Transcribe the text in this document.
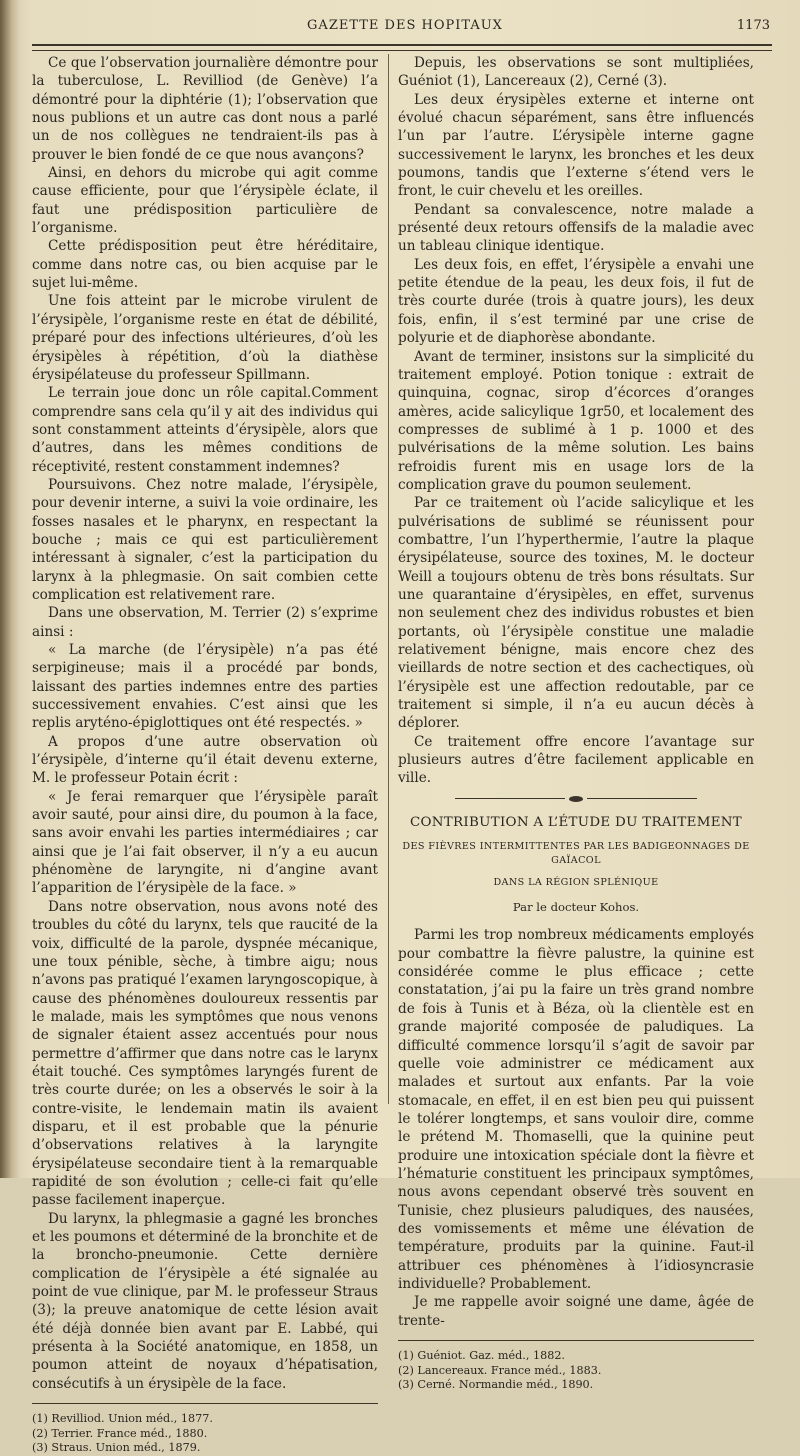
GAZETTE DES HOPITAUX	1173

Ce que l’observation journalière démontre pour la tuberculose, L. Revilliod (de Genève) l’a démontré pour la diphtérie (1); l’observation que nous publions et un autre cas dont nous a parlé un de nos collègues ne tendraient-ils pas à prouver le bien fondé de ce que nous avançons?

Ainsi, en dehors du microbe qui agit comme cause efficiente, pour que l’érysipèle éclate, il faut une prédisposition particulière de l’organisme.

Cette prédisposition peut être héréditaire, comme dans notre cas, ou bien acquise par le sujet lui-même.

Une fois atteint par le microbe virulent de l’érysipèle, l’organisme reste en état de débilité, préparé pour des infections ultérieures, d’où les érysipèles à répétition, d’où la diathèse érysipélateuse du professeur Spillmann.

Le terrain joue donc un rôle capital.Comment comprendre sans cela qu’il y ait des individus qui sont constamment atteints d’érysipèle, alors que d’autres, dans les mêmes conditions de réceptivité, restent constamment indemnes?

Poursuivons. Chez notre malade, l’érysipèle, pour devenir interne, a suivi la voie ordinaire, les fosses nasales et le pharynx, en respectant la bouche ; mais ce qui est particulièrement intéressant à signaler, c’est la participation du larynx à la phlegmasie. On sait combien cette complication est relativement rare.

Dans une observation, M. Terrier (2) s’exprime ainsi :

« La marche (de l’érysipèle) n’a pas été serpigineuse; mais il a procédé par bonds, laissant des parties indemnes entre des parties successivement envahies. C’est ainsi que les replis aryténo-épiglottiques ont été respectés. »

A propos d’une autre observation où l’érysipèle, d’interne qu’il était devenu externe, M. le professeur Potain écrit :

« Je ferai remarquer que l’érysipèle paraît avoir sauté, pour ainsi dire, du poumon à la face, sans avoir envahi les parties intermédiaires ; car ainsi que je l’ai fait observer, il n’y a eu aucun phénomène de laryngite, ni d’angine avant l’apparition de l’érysipèle de la face. »

Dans notre observation, nous avons noté des troubles du côté du larynx, tels que raucité de la voix, difficulté de la parole, dyspnée mécanique, une toux pénible, sèche, à timbre aigu; nous n’avons pas pratiqué l’examen laryngoscopique, à cause des phénomènes douloureux ressentis par le malade, mais les symptômes que nous venons de signaler étaient assez accentués pour nous permettre d’affirmer que dans notre cas le larynx était touché. Ces symptômes laryngés furent de très courte durée; on les a observés le soir à la contre-visite, le lendemain matin ils avaient disparu, et il est probable que la pénurie d’observations relatives à la laryngite érysipélateuse secondaire tient à la remarquable rapidité de son évolution ; celle-ci fait qu’elle passe facilement inaperçue.

Du larynx, la phlegmasie a gagné les bronches et les poumons et déterminé de la bronchite et de la broncho-pneumonie. Cette dernière complication de l’érysipèle a été signalée au point de vue clinique, par M. le professeur Straus (3); la preuve anatomique de cette lésion avait été déjà donnée bien avant par E. Labbé, qui présenta à la Société anatomique, en 1858, un poumon atteint de noyaux d’hépatisation, consécutifs à un érysipèle de la face.

(1) Revilliod. Union méd., 1877.

(2) Terrier. France méd., 1880.

(3) Straus. Union méd., 1879.

Depuis, les observations se sont multipliées, Guéniot (1), Lancereaux (2), Cerné (3).

Les deux érysipèles externe et interne ont évolué chacun séparément, sans être influencés l’un par l’autre. L’érysipèle interne gagne successivement le larynx, les bronches et les deux poumons, tandis que l’externe s’étend vers le front, le cuir chevelu et les oreilles.

Pendant sa convalescence, notre malade a présenté deux retours offensifs de la maladie avec un tableau clinique identique.

Les deux fois, en effet, l’érysipèle a envahi une petite étendue de la peau, les deux fois, il fut de très courte durée (trois à quatre jours), les deux fois, enfin, il s’est terminé par une crise de polyurie et de diaphorèse abondante.

Avant de terminer, insistons sur la simplicité du traitement employé. Potion tonique : extrait de quinquina, cognac, sirop d’écorces d’oranges amères, acide salicylique 1gr50, et localement des compresses de sublimé à 1 p. 1000 et des pulvérisations de la même solution. Les bains refroidis furent mis en usage lors de la complication grave du poumon seulement.

Par ce traitement où l’acide salicylique et les pulvérisations de sublimé se réunissent pour combattre, l’un l’hyperthermie, l’autre la plaque érysipélateuse, source des toxines, M. le docteur Weill a toujours obtenu de très bons résultats. Sur une quarantaine d’érysipèles, en effet, survenus non seulement chez des individus robustes et bien portants, où l’érysipèle constitue une maladie relativement bénigne, mais encore chez des vieillards de notre section et des cachectiques, où l’érysipèle est une affection redoutable, par ce traitement si simple, il n’a eu aucun décès à déplorer.

Ce traitement offre encore l’avantage sur plusieurs autres d’être facilement applicable en ville.

CONTRIBUTION A L’ÉTUDE DU TRAITEMENT

DES FIÈVRES INTERMITTENTES PAR LES BADIGEONNAGES DE GAÏACOL

DANS LA RÉGION SPLÉNIQUE

Par le docteur Kohos.

Parmi les trop nombreux médicaments employés pour combattre la fièvre palustre, la quinine est considérée comme le plus efficace ; cette constatation, j’ai pu la faire un très grand nombre de fois à Tunis et à Béza, où la clientèle est en grande majorité composée de paludiques. La difficulté commence lorsqu’il s’agit de savoir par quelle voie administrer ce médicament aux malades et surtout aux enfants. Par la voie stomacale, en effet, il en est bien peu qui puissent le tolérer longtemps, et sans vouloir dire, comme le prétend M. Thomaselli, que la quinine peut produire une intoxication spéciale dont la fièvre et l’hématurie constituent les principaux symptômes, nous avons cependant observé très souvent en Tunisie, chez plusieurs paludiques, des nausées, des vomissements et même une élévation de température, produits par la quinine. Faut-il attribuer ces phénomènes à l’idiosyncrasie individuelle? Probablement.

Je me rappelle avoir soigné une dame, âgée de trente-

(1) Guéniot. Gaz. méd., 1882.

(2) Lancereaux. France méd., 1883.

(3) Cerné. Normandie méd., 1890.
